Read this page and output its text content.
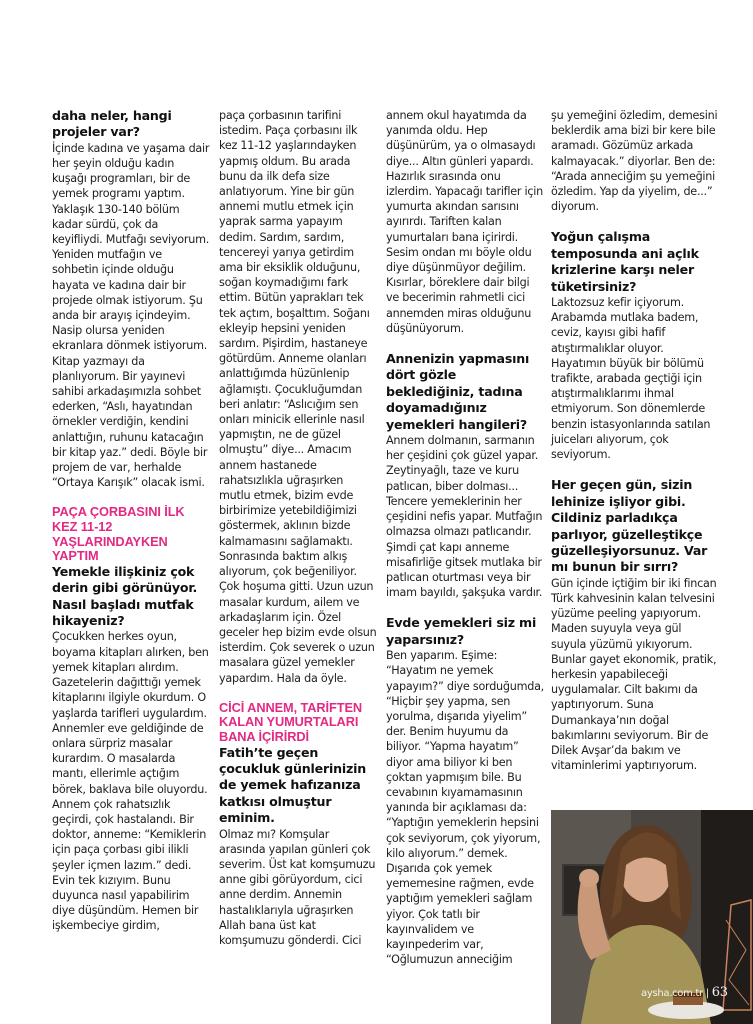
daha neler, hangi
projeler var?

İçinde kadına ve yaşama dair her şeyin olduğu kadın kuşağı programları, bir de yemek programı yaptım. Yaklaşık 130-140 bölüm kadar sürdü, çok da keyifliydi. Mutfağı seviyorum. Yeniden mutfağın ve sohbetin içinde olduğu hayata ve kadına dair bir projede olmak istiyorum. Şu anda bir arayış içindeyim. Nasip olursa yeniden ekranlara dönmek istiyorum. Kitap yazmayı da planlıyorum. Bir yayınevi sahibi arkadaşımızla sohbet ederken, “Aslı, hayatından örnekler verdiğin, kendini anlattığın, ruhunu katacağın bir kitap yaz.” dedi. Böyle bir projem de var, herhalde “Ortaya Karışık” olacak ismi.

PAÇA ÇORBASINI İLK KEZ 11-12 YAŞLARINDAYKEN YAPTIM

Yemekle ilişkiniz çok derin gibi görünüyor. Nasıl başladı mutfak hikayeniz?

Çocukken herkes oyun, boyama kitapları alırken, ben yemek kitapları alırdım. Gazetelerin dağıttığı yemek kitaplarını ilgiyle okurdum. O yaşlarda tarifleri uygulardım. Annemler eve geldiğinde de onlara sürpriz masalar kurardım. O masalarda mantı, ellerimle açtığım börek, baklava bile oluyordu. Annem çok rahatsızlık geçirdi, çok hastalandı. Bir doktor, anneme: “Kemiklerin için paça çorbası gibi ilikli şeyler içmen lazım.” dedi. Evin tek kızıyım. Bunu duyunca nasıl yapabilirim diye düşündüm. Hemen bir işkembeciye girdim,

paça çorbasının tarifini istedim. Paça çorbasını ilk kez 11-12 yaşlarındayken yapmış oldum. Bu arada bunu da ilk defa size anlatıyorum. Yine bir gün annemi mutlu etmek için yaprak sarma yapayım dedim. Sardım, sardım, tencereyi yarıya getirdim ama bir eksiklik olduğunu, soğan koymadığımı fark ettim. Bütün yaprakları tek tek açtım, boşalttım. Soğanı ekleyip hepsini yeniden sardım. Pişirdim, hastaneye götürdüm. Anneme olanları anlattığımda hüzünlenip ağlamıştı. Çocukluğumdan beri anlatır: “Aslıcığım sen onları minicik ellerinle nasıl yapmıştın, ne de güzel olmuştu” diye... Amacım annem hastanede rahatsızlıkla uğraşırken mutlu etmek, bizim evde birbirimize yetebildiğimizi göstermek, aklının bizde kalmamasını sağlamaktı. Sonrasında baktım alkış alıyorum, çok beğeniliyor. Çok hoşuma gitti. Uzun uzun masalar kurdum, ailem ve arkadaşlarım için. Özel geceler hep bizim evde olsun isterdim. Çok severek o uzun masalara güzel yemekler yapardım. Hala da öyle.

CİCİ ANNEM, TARİFTEN KALAN YUMURTALARI BANA İÇİRİRDİ

Fatih’te geçen çocukluk günlerinizin de yemek hafızanıza katkısı olmuştur eminim.

Olmaz mı? Komşular arasında yapılan günleri çok severim. Üst kat komşumuzu anne gibi görüyordum, cici anne derdim. Annemin hastalıklarıyla uğraşırken Allah bana üst kat komşumuzu gönderdi. Cici

annem okul hayatımda da yanımda oldu. Hep düşünürüm, ya o olmasaydı diye... Altın günleri yapardı. Hazırlık sırasında onu izlerdim. Yapacağı tarifler için yumurta akından sarısını ayırırdı. Tariften kalan yumurtaları bana içirirdi. Sesim ondan mı böyle oldu diye düşünmüyor değilim. Kısırlar, böreklere dair bilgi ve becerimin rahmetli cici annemden miras olduğunu düşünüyorum.

Annenizin yapmasını dört gözle beklediğiniz, tadına doyamadığınız yemekleri hangileri?

Annem dolmanın, sarmanın her çeşidini çok güzel yapar. Zeytinyağlı, taze ve kuru patlıcan, biber dolması... Tencere yemeklerinin her çeşidini nefis yapar. Mutfağın olmazsa olmazı patlıcandır. Şimdi çat kapı anneme misafirliğe gitsek mutlaka bir patlıcan oturtması veya bir imam bayıldı, şakşuka vardır.

Evde yemekleri siz mi yaparsınız?

Ben yaparım. Eşime: “Hayatım ne yemek yapayım?” diye sorduğumda, “Hiçbir şey yapma, sen yorulma, dışarıda yiyelim” der. Benim huyumu da biliyor. “Yapma hayatım” diyor ama biliyor ki ben çoktan yapmışım bile. Bu cevabının kıyamamasının yanında bir açıklaması da: “Yaptığın yemeklerin hepsini çok seviyorum, çok yiyorum, kilo alıyorum.” demek. Dışarıda çok yemek yememesine rağmen, evde yaptığım yemekleri sağlam yiyor. Çok tatlı bir kayınvalidem ve kayınpederim var, “Oğlumuzun anneciğim

şu yemeğini özledim, demesini beklerdik ama bizi bir kere bile aramadı. Gözümüz arkada kalmayacak.” diyorlar. Ben de: “Arada anneciğim şu yemeğini özledim. Yap da yiyelim, de...” diyorum.

Yoğun çalışma temposunda ani açlık krizlerine karşı neler tüketirsiniz?

Laktozsuz kefir içiyorum. Arabamda mutlaka badem, ceviz, kayısı gibi hafif atıştırmalıklar oluyor. Hayatımın büyük bir bölümü trafikte, arabada geçtiği için atıştırmalıklarımı ihmal etmiyorum. Son dönemlerde benzin istasyonlarında satılan juiceları alıyorum, çok seviyorum.

Her geçen gün, sizin lehinize işliyor gibi. Cildiniz parladıkça parlıyor, güzelleştikçe güzelleşiyorsunuz. Var mı bunun bir sırrı?

Gün içinde içtiğim bir iki fincan Türk kahvesinin kalan telvesini yüzüme peeling yapıyorum. Maden suyuyla veya gül suyula yüzümü yıkıyorum. Bunlar gayet ekonomik, pratik, herkesin yapabileceği uygulamalar. Cilt bakımı da yaptırıyorum. Suna Dumankaya’nın doğal bakımlarını seviyorum. Bir de Dilek Avşar’da bakım ve vitaminlerimi yaptırıyorum.

aysha.com.tr | 63
